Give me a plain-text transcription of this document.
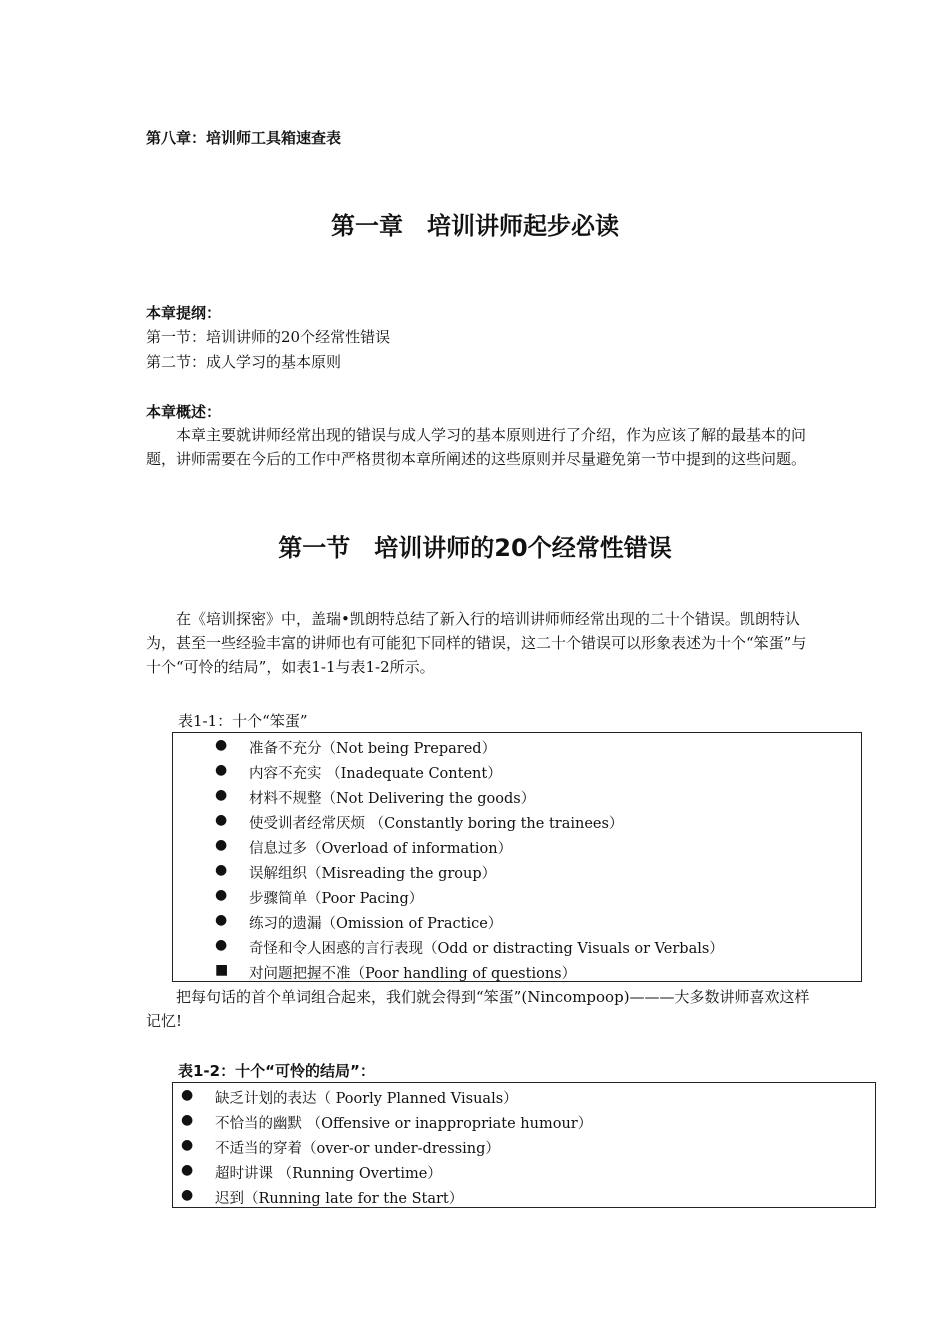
第八章：培训师工具箱速查表
第一章　培训讲师起步必读
本章提纲：
第一节：培训讲师的20个经常性错误
第二节：成人学习的基本原则
本章概述：
本章主要就讲师经常出现的错误与成人学习的基本原则进行了介绍，作为应该了解的最基本的问题，讲师需要在今后的工作中严格贯彻本章所阐述的这些原则并尽量避免第一节中提到的这些问题。
第一节　培训讲师的20个经常性错误
在《培训探密》中，盖瑞•凯朗特总结了新入行的培训讲师师经常出现的二十个错误。凯朗特认为，甚至一些经验丰富的讲师也有可能犯下同样的错误，这二十个错误可以形象表述为十个“笨蛋”与十个“可怜的结局”，如表1-1与表1-2所示。
表1-1：十个“笨蛋”
● 准备不充分（Not being Prepared）
● 内容不充实 （Inadequate Content）
● 材料不规整（Not Delivering the goods）
● 使受训者经常厌烦 （Constantly boring the trainees）
● 信息过多（Overload of information）
● 误解组织（Misreading the group）
● 步骤简单（Poor Pacing）
● 练习的遗漏（Omission of Practice）
● 奇怪和令人困惑的言行表现（Odd or distracting Visuals or Verbals）
■ 对问题把握不准（Poor handling of questions）
把每句话的首个单词组合起来，我们就会得到“笨蛋”(Nincompoop)———大多数讲师喜欢这样记忆!
表1-2：十个“可怜的结局”：
● 缺乏计划的表达（ Poorly Planned Visuals）
● 不恰当的幽默 （Offensive or inappropriate humour）
● 不适当的穿着（over-or under-dressing）
● 超时讲课 （Running Overtime）
● 迟到（Running late for the Start）
